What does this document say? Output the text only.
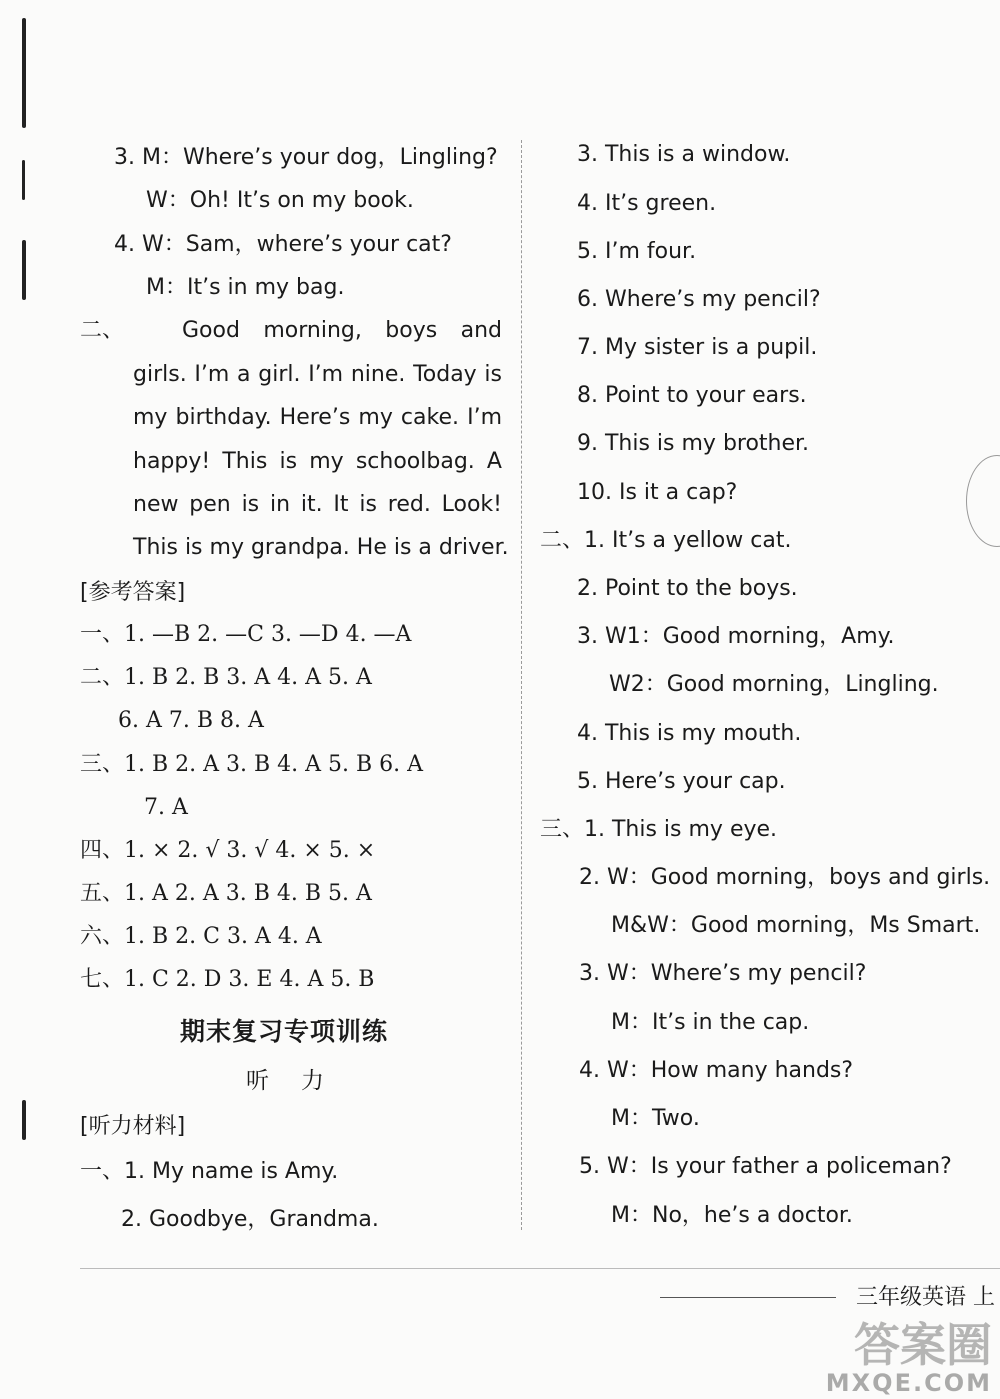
3. M：Where’s your dog，Lingling?
W：Oh! It’s on my book.
4. W：Sam，where’s your cat?
M：It’s in my bag.
二、	Good morning, boys and
girls. I’m a girl. I’m nine. Today is
my birthday. Here’s my cake. I’m
happy! This is my schoolbag. A
new pen is in it. It is red. Look!
This is my grandpa. He is a driver.
[参考答案]
一、1. —B 2. —C 3. —D 4. —A
二、1. B 2. B 3. A 4. A 5. A
6. A 7. B 8. A
三、1. B 2. A 3. B 4. A 5. B 6. A
7. A
四、1. × 2. √ 3. √ 4. × 5. ×
五、1. A 2. A 3. B 4. B 5. A
六、1. B 2. C 3. A 4. A
七、1. C 2. D 3. E 4. A 5. B
期末复习专项训练
听力
[听力材料]
一、1. My name is Amy.
2. Goodbye，Grandma.
3. This is a window.
4. It’s green.
5. I’m four.
6. Where’s my pencil?
7. My sister is a pupil.
8. Point to your ears.
9. This is my brother.
10. Is it a cap?
二、1. It’s a yellow cat.
2. Point to the boys.
3. W1：Good morning，Amy.
W2：Good morning，Lingling.
4. This is my mouth.
5. Here’s your cap.
三、1. This is my eye.
2. W：Good morning，boys and girls.
M&W：Good morning，Ms Smart.
3. W：Where’s my pencil?
M：It’s in the cap.
4. W：How many hands?
M：Two.
5. W：Is your father a policeman?
M：No，he’s a doctor.
三年级英语 上
答案圈
MXQE.COM
